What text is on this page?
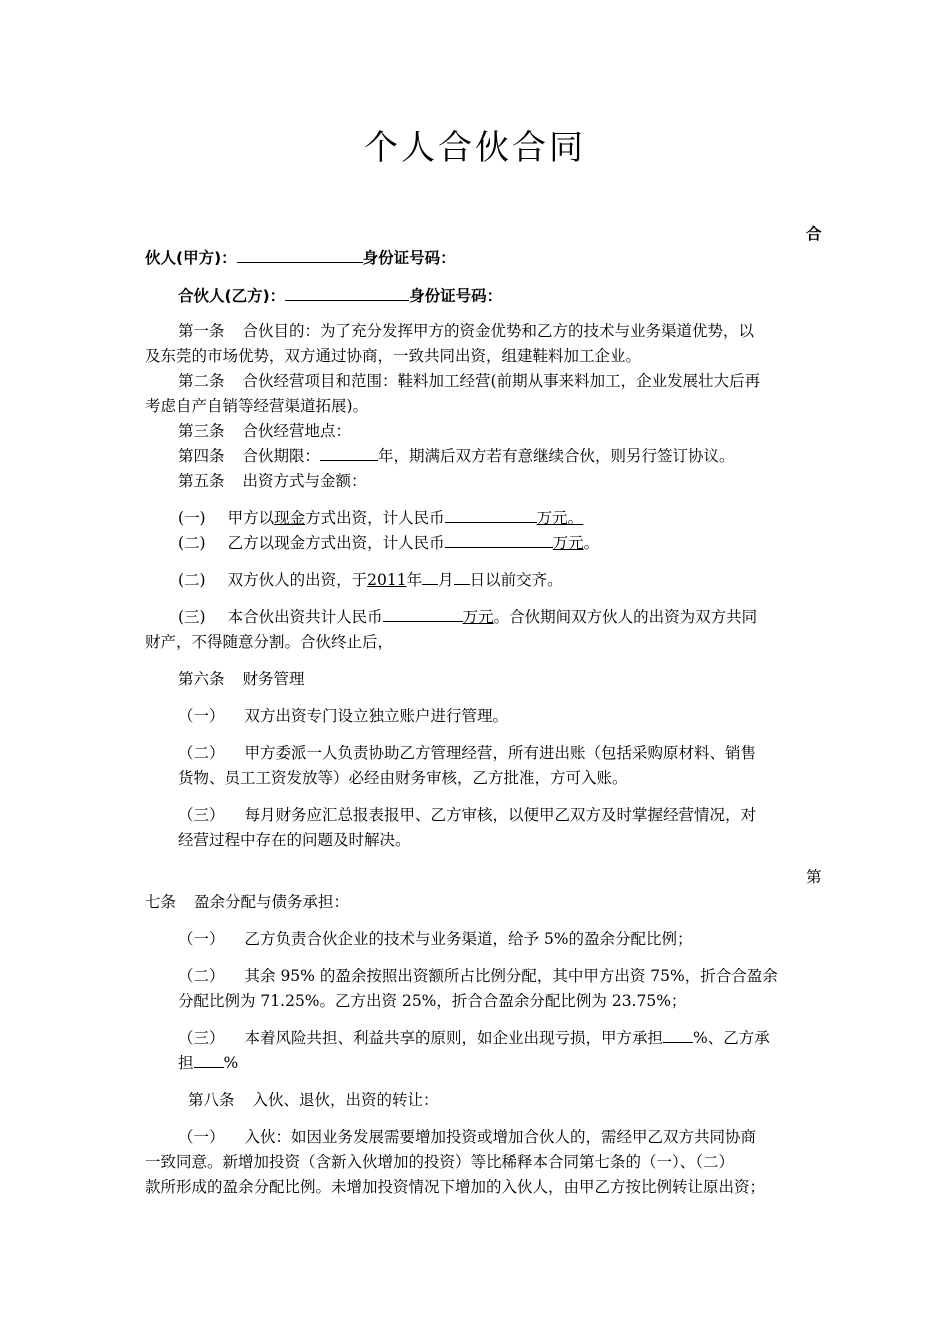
个人合伙合同
合
伙人(甲方)：	身份证号码：
合伙人(乙方)：	身份证号码：
第一条 合伙目的：为了充分发挥甲方的资金优势和乙方的技术与业务渠道优势，以
及东莞的市场优势，双方通过协商，一致共同出资，组建鞋料加工企业。
第二条 合伙经营项目和范围：鞋料加工经营(前期从事来料加工，企业发展壮大后再
考虑自产自销等经营渠道拓展)。
第三条 合伙经营地点：
第四条 合伙期限：	年，期满后双方若有意继续合伙，则另行签订协议。
第五条 出资方式与金额：
(一) 甲方以现金方式出资，计人民币	万元。
(二) 乙方以现金方式出资，计人民币	万元。
(二) 双方伙人的出资，于2011年 月 日以前交齐。
(三) 本合伙出资共计人民币	万元。合伙期间双方伙人的出资为双方共同
财产，不得随意分割。合伙终止后，
第六条 财务管理
（一） 双方出资专门设立独立账户进行管理。
（二） 甲方委派一人负责协助乙方管理经营，所有进出账（包括采购原材料、销售
货物、员工工资发放等）必经由财务审核，乙方批准，方可入账。
（三） 每月财务应汇总报表报甲、乙方审核，以便甲乙双方及时掌握经营情况，对
经营过程中存在的问题及时解决。
第
七条 盈余分配与债务承担：
（一） 乙方负责合伙企业的技术与业务渠道，给予 5%的盈余分配比例；
（二） 其余 95% 的盈余按照出资额所占比例分配，其中甲方出资 75%，折合合盈余
分配比例为 71.25%。乙方出资 25%，折合合盈余分配比例为 23.75%；
（三） 本着风险共担、利益共享的原则，如企业出现亏损，甲方承担 %、乙方承
担 %
第八条 入伙、退伙，出资的转让：
（一） 入伙：如因业务发展需要增加投资或增加合伙人的，需经甲乙双方共同协商
一致同意。新增加投资（含新入伙增加的投资）等比稀释本合同第七条的（一）、（二）
款所形成的盈余分配比例。未增加投资情况下增加的入伙人，由甲乙方按比例转让原出资；
